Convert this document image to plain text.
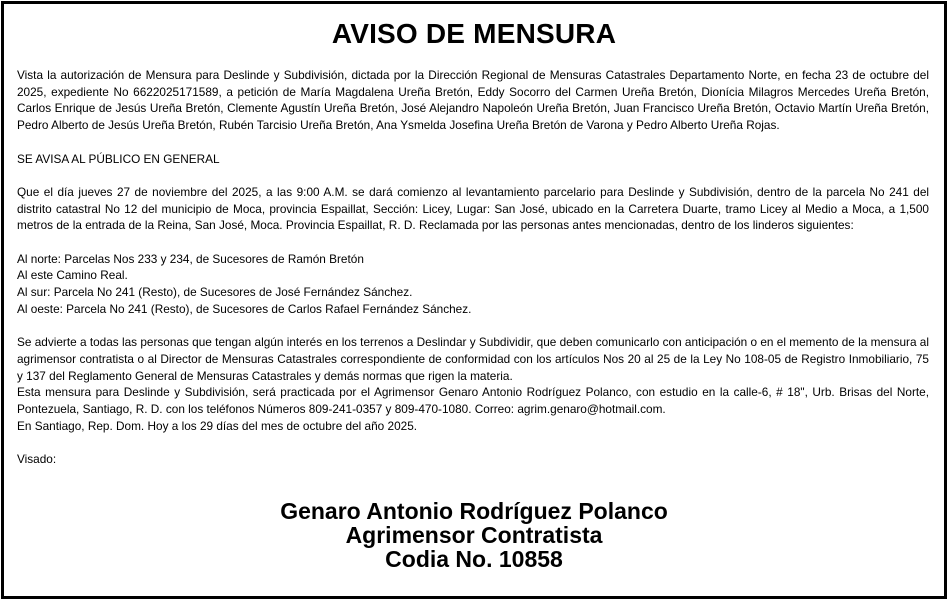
AVISO DE MENSURA

Vista la autorización de Mensura para Deslinde y Subdivisión, dictada por la Dirección Regional de Mensuras Catastrales Departamento Norte, en fecha 23 de octubre del 2025, expediente No 6622025171589, a petición de María Magdalena Ureña Bretón, Eddy Socorro del Carmen Ureña Bretón, Dionícia Milagros Mercedes Ureña Bretón, Carlos Enrique de Jesús Ureña Bretón, Clemente Agustín Ureña Bretón, José Alejandro Napoleón Ureña Bretón, Juan Francisco Ureña Bretón, Octavio Martín Ureña Bretón, Pedro Alberto de Jesús Ureña Bretón, Rubén Tarcisio Ureña Bretón, Ana Ysmelda Josefina Ureña Bretón de Varona y Pedro Alberto Ureña Rojas.

SE AVISA AL PÚBLICO EN GENERAL

Que el día jueves 27 de noviembre del 2025, a las 9:00 A.M. se dará comienzo al levantamiento parcelario para Deslinde y Subdivisión, dentro de la parcela No 241 del distrito catastral No 12 del municipio de Moca, provincia Espaillat, Sección: Licey, Lugar: San José, ubicado en la Carretera Duarte, tramo Licey al Medio a Moca, a 1,500 metros de la entrada de la Reina, San José, Moca. Provincia Espaillat, R. D. Reclamada por las personas antes mencionadas, dentro de los linderos siguientes:

Al norte: Parcelas Nos 233 y 234, de Sucesores de Ramón Bretón

Al este Camino Real.

Al sur: Parcela No 241 (Resto), de Sucesores de José Fernández Sánchez.

Al oeste: Parcela No 241 (Resto), de Sucesores de Carlos Rafael Fernández Sánchez.

Se advierte a todas las personas que tengan algún interés en los terrenos a Deslindar y Subdividir, que deben comunicarlo con anticipación o en el memento de la mensura al agrimensor contratista o al Director de Mensuras Catastrales correspondiente de conformidad con los artículos Nos 20 al 25 de la Ley No 108-05 de Registro Inmobiliario, 75 y 137 del Reglamento General de Mensuras Catastrales y demás normas que rigen la materia.

Esta mensura para Deslinde y Subdivisión, será practicada por el Agrimensor Genaro Antonio Rodríguez Polanco, con estudio en la calle-6, # 18", Urb. Brisas del Norte, Pontezuela, Santiago, R. D. con los teléfonos Números 809-241-0357 y 809-470-1080. Correo: agrim.genaro@hotmail.com.

En Santiago, Rep. Dom. Hoy a los 29 días del mes de octubre del año 2025.

Visado:

Genaro Antonio Rodríguez Polanco
Agrimensor Contratista
Codia No. 10858
